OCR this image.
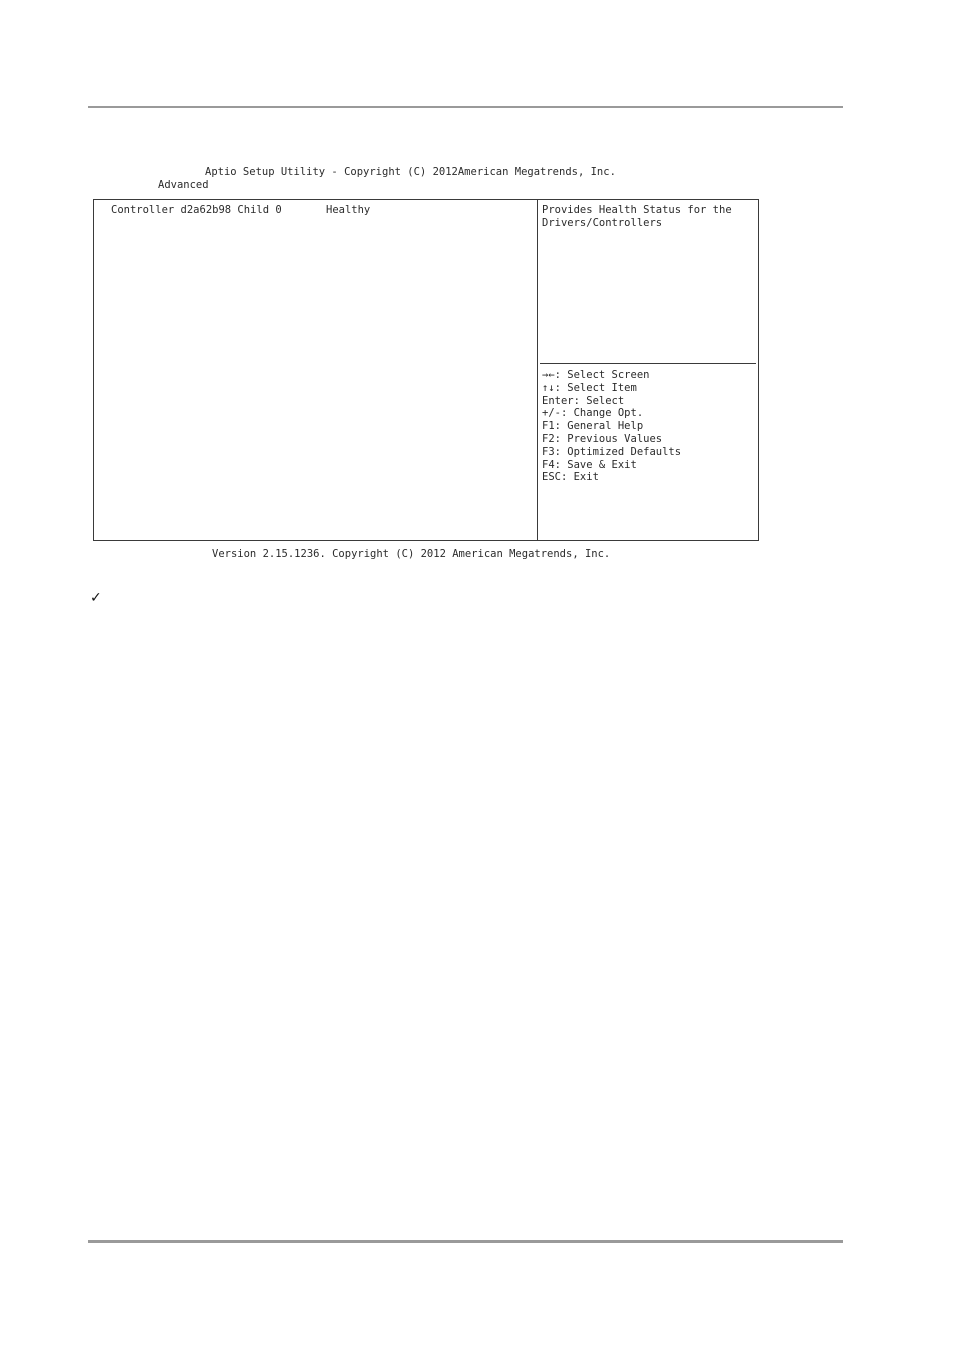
Aptio Setup Utility - Copyright (C) 2012American Megatrends, Inc.
Advanced
Controller d2a62b98 Child 0	Healthy	Provides Health Status for the
Drivers/Controllers
→←: Select Screen
↑↓: Select Item
Enter: Select
+/-: Change Opt.
F1: General Help
F2: Previous Values
F3: Optimized Defaults
F4: Save & Exit
ESC: Exit
Version 2.15.1236. Copyright (C) 2012 American Megatrends, Inc.
✓
